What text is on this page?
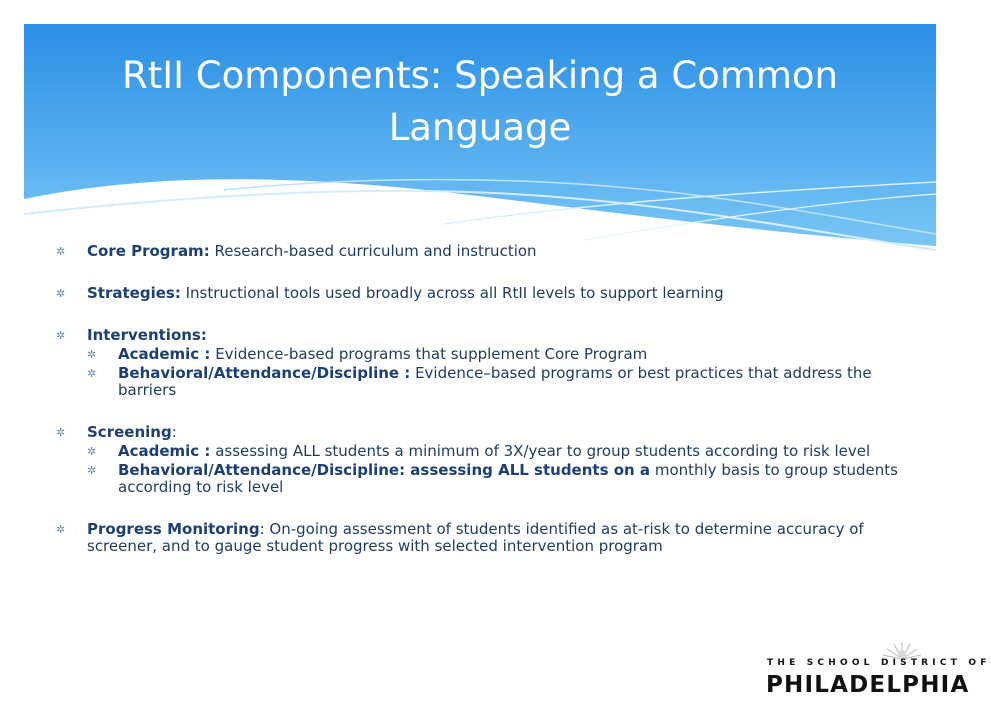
RtII Components: Speaking a Common Language
✲	Core Program: Research-based curriculum and instruction
✲	Strategies: Instructional tools used broadly across all RtII levels to support learning
✲	Interventions:
✲	Academic : Evidence-based programs that supplement Core Program
✲	Behavioral/Attendance/Discipline : Evidence–based programs or best practices that address the barriers
✲	Screening:
✲	Academic : assessing ALL students a minimum of 3X/year to group students according to risk level
✲	Behavioral/Attendance/Discipline: assessing ALL students on a monthly basis to group students according to risk level
✲	Progress Monitoring: On-going assessment of students identified as at-risk to determine accuracy of screener, and to gauge student progress with selected intervention program
THE SCHOOL DISTRICT OF
PHILADELPHIA
